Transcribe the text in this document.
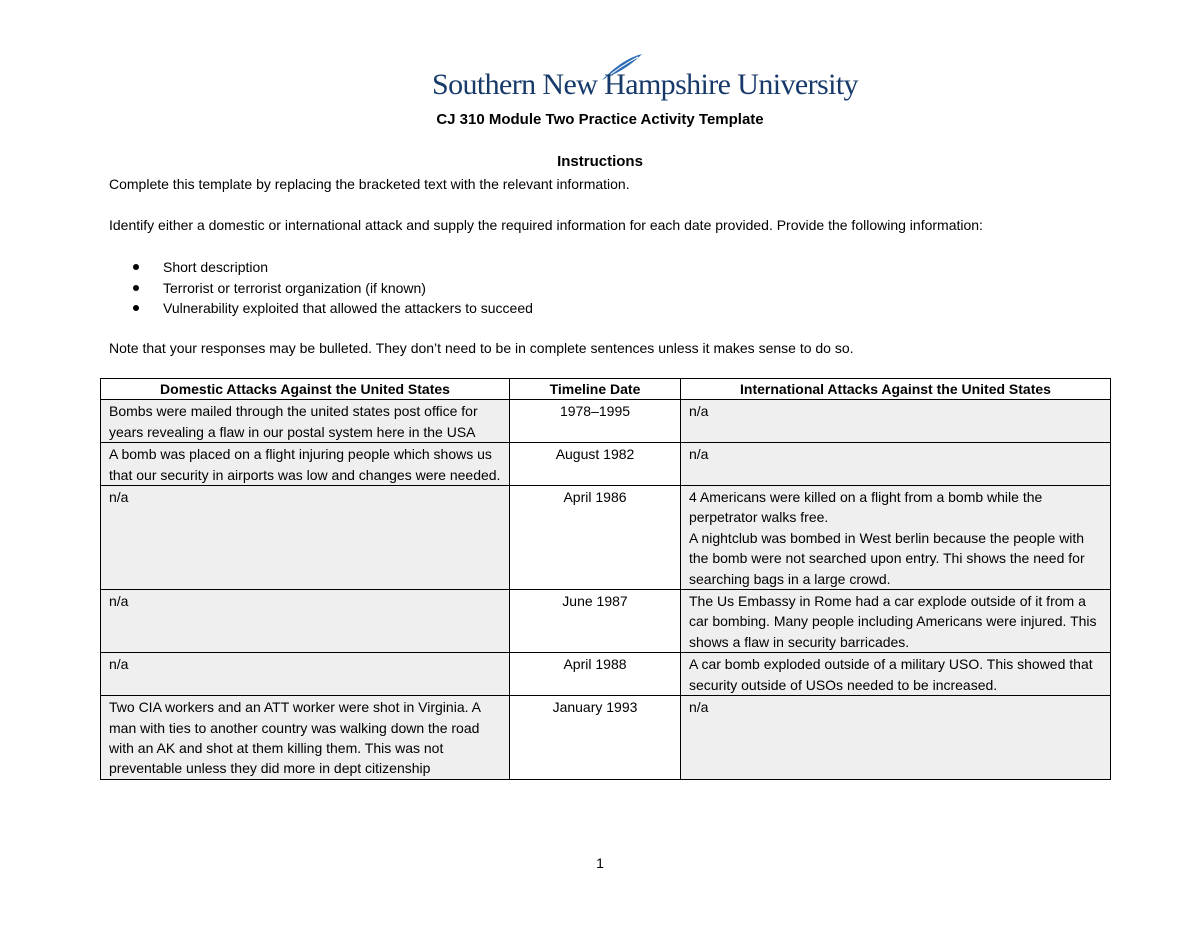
Southern New Hampshire University
CJ 310 Module Two Practice Activity Template
Instructions
Complete this template by replacing the bracketed text with the relevant information.
Identify either a domestic or international attack and supply the required information for each date provided. Provide the following information:
Short description
Terrorist or terrorist organization (if known)
Vulnerability exploited that allowed the attackers to succeed
Note that your responses may be bulleted. They don’t need to be in complete sentences unless it makes sense to do so.
Domestic Attacks Against the United States	Timeline Date	International Attacks Against the United States
Bombs were mailed through the united states post office for years revealing a flaw in our postal system here in the USA	1978–1995	n/a
A bomb was placed on a flight injuring people which shows us that our security in airports was low and changes were needed.	August 1982	n/a
n/a	April 1986	4 Americans were killed on a flight from a bomb while the perpetrator walks free.
A nightclub was bombed in West berlin because the people with the bomb were not searched upon entry. Thi shows the need for searching bags in a large crowd.
n/a	June 1987	The Us Embassy in Rome had a car explode outside of it from a car bombing. Many people including Americans were injured. This shows a flaw in security barricades.
n/a	April 1988	A car bomb exploded outside of a military USO. This showed that security outside of USOs needed to be increased.
Two CIA workers and an ATT worker were shot in Virginia. A man with ties to another country was walking down the road with an AK and shot at them killing them. This was not preventable unless they did more in dept citizenship	January 1993	n/a
1
